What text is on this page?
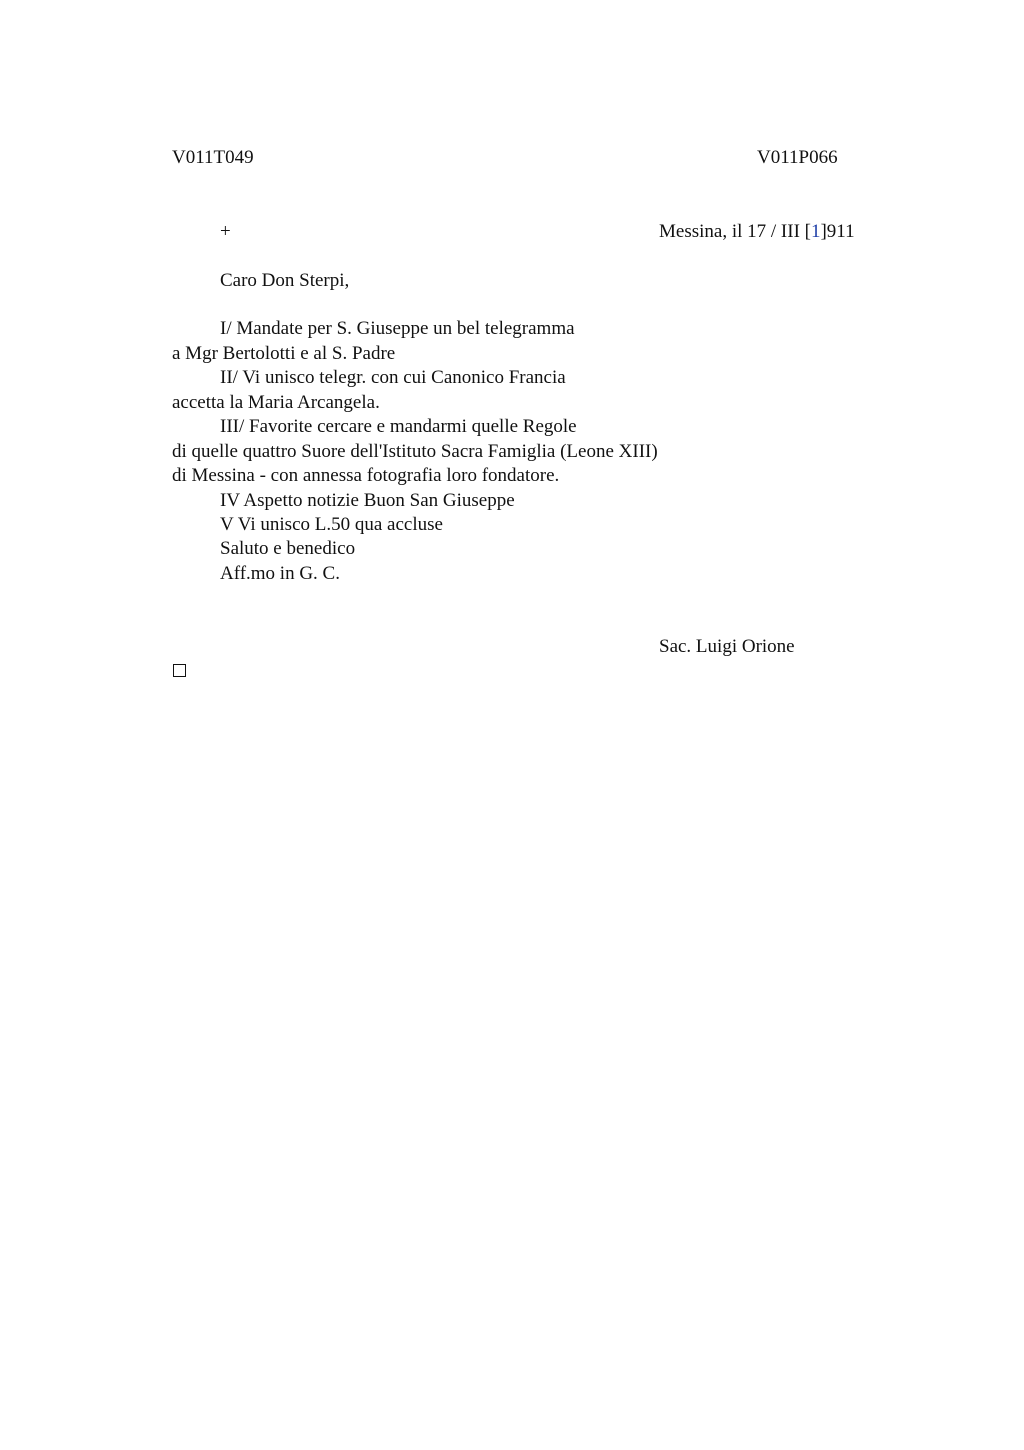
V011T049	V011P066
+	Messina, il 17 / III [1]911
Caro Don Sterpi,
I/ Mandate per S. Giuseppe un bel telegramma
a Mgr Bertolotti e al S. Padre
II/ Vi unisco telegr. con cui Canonico Francia
accetta la Maria Arcangela.
III/ Favorite cercare e mandarmi quelle Regole
di quelle quattro Suore dell'Istituto Sacra Famiglia (Leone XIII)
di Messina - con annessa fotografia loro fondatore.
IV Aspetto notizie Buon San Giuseppe
V Vi unisco L.50 qua accluse
Saluto e benedico
Aff.mo in G. C.
Sac. Luigi Orione
